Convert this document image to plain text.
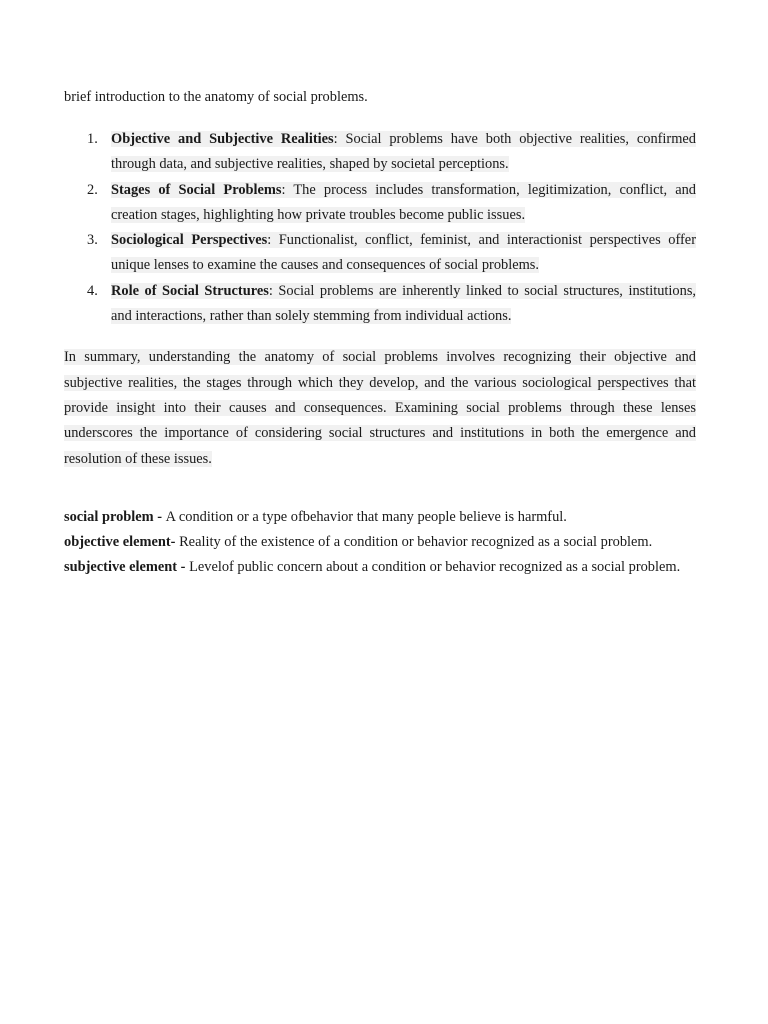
brief introduction to the anatomy of social problems.

1. Objective and Subjective Realities: Social problems have both objective realities, confirmed through data, and subjective realities, shaped by societal perceptions.
2. Stages of Social Problems: The process includes transformation, legitimization, conflict, and creation stages, highlighting how private troubles become public issues.
3. Sociological Perspectives: Functionalist, conflict, feminist, and interactionist perspectives offer unique lenses to examine the causes and consequences of social problems.
4. Role of Social Structures: Social problems are inherently linked to social structures, institutions, and interactions, rather than solely stemming from individual actions.

In summary, understanding the anatomy of social problems involves recognizing their objective and subjective realities, the stages through which they develop, and the various sociological perspectives that provide insight into their causes and consequences. Examining social problems through these lenses underscores the importance of considering social structures and institutions in both the emergence and resolution of these issues.

social problem - A condition or a type ofbehavior that many people believe is harmful.
objective element- Reality of the existence of a condition or behavior recognized as a social problem.
subjective element - Levelof public concern about a condition or behavior recognized as a social problem.
